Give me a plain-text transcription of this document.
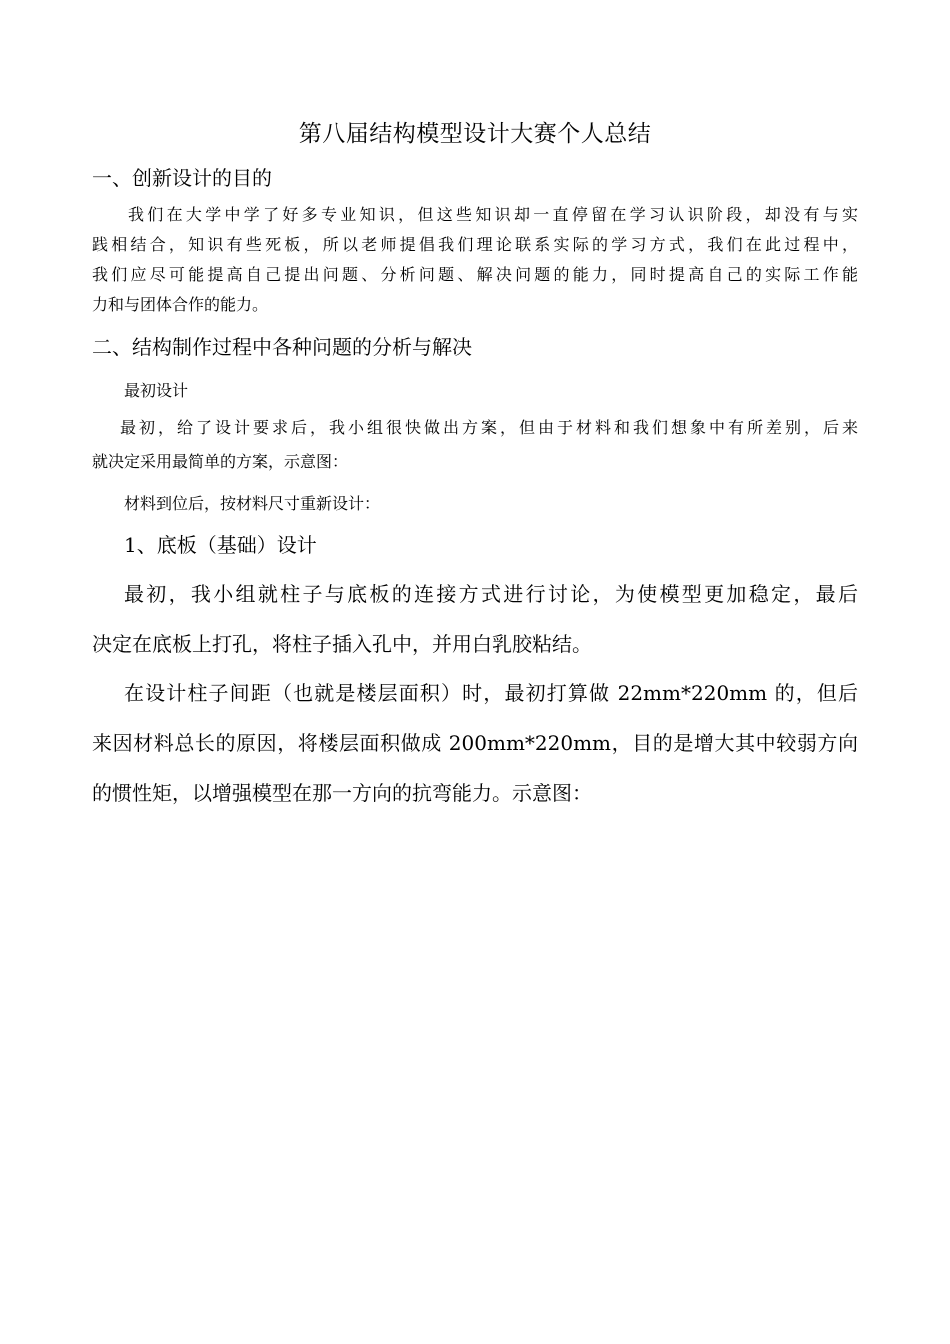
第八届结构模型设计大赛个人总结
一、创新设计的目的
我们在大学中学了好多专业知识，但这些知识却一直停留在学习认识阶段，却没有与实
践相结合，知识有些死板，所以老师提倡我们理论联系实际的学习方式，我们在此过程中，
我们应尽可能提高自己提出问题、分析问题、解决问题的能力，同时提高自己的实际工作能
力和与团体合作的能力。
二、结构制作过程中各种问题的分析与解决
最初设计
最初，给了设计要求后，我小组很快做出方案，但由于材料和我们想象中有所差别，后来
就决定采用最简单的方案，示意图：
材料到位后，按材料尺寸重新设计：
1、底板（基础）设计
最初，我小组就柱子与底板的连接方式进行讨论，为使模型更加稳定，最后
决定在底板上打孔，将柱子插入孔中，并用白乳胶粘结。
在设计柱子间距（也就是楼层面积）时，最初打算做 22mm*220mm 的，但后
来因材料总长的原因，将楼层面积做成 200mm*220mm，目的是增大其中较弱方向
的惯性矩，以增强模型在那一方向的抗弯能力。示意图：
